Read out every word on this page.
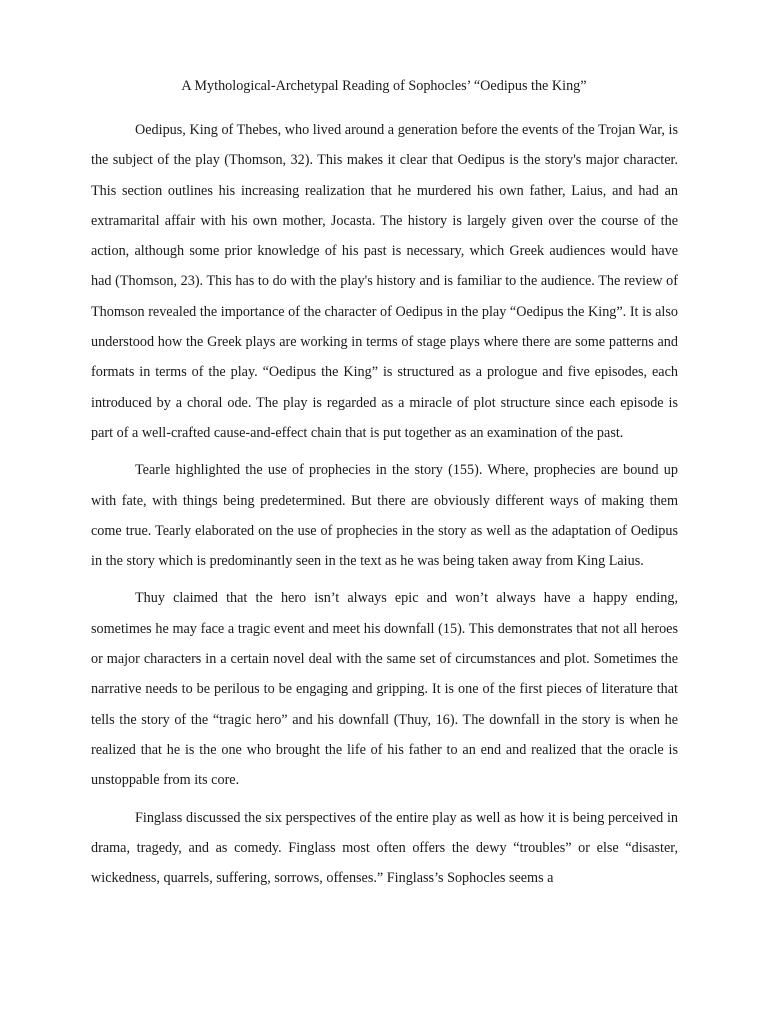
A Mythological-Archetypal Reading of Sophocles’ “Oedipus the King”

Oedipus, King of Thebes, who lived around a generation before the events of the Trojan War, is the subject of the play (Thomson, 32). This makes it clear that Oedipus is the story's major character. This section outlines his increasing realization that he murdered his own father, Laius, and had an extramarital affair with his own mother, Jocasta. The history is largely given over the course of the action, although some prior knowledge of his past is necessary, which Greek audiences would have had (Thomson, 23). This has to do with the play's history and is familiar to the audience. The review of Thomson revealed the importance of the character of Oedipus in the play “Oedipus the King”. It is also understood how the Greek plays are working in terms of stage plays where there are some patterns and formats in terms of the play. “Oedipus the King” is structured as a prologue and five episodes, each introduced by a choral ode. The play is regarded as a miracle of plot structure since each episode is part of a well-crafted cause-and-effect chain that is put together as an examination of the past.

Tearle highlighted the use of prophecies in the story (155). Where, prophecies are bound up with fate, with things being predetermined. But there are obviously different ways of making them come true. Tearly elaborated on the use of prophecies in the story as well as the adaptation of Oedipus in the story which is predominantly seen in the text as he was being taken away from King Laius.

Thuy claimed that the hero isn’t always epic and won’t always have a happy ending, sometimes he may face a tragic event and meet his downfall (15). This demonstrates that not all heroes or major characters in a certain novel deal with the same set of circumstances and plot. Sometimes the narrative needs to be perilous to be engaging and gripping. It is one of the first pieces of literature that tells the story of the “tragic hero” and his downfall (Thuy, 16). The downfall in the story is when he realized that he is the one who brought the life of his father to an end and realized that the oracle is unstoppable from its core.

Finglass discussed the six perspectives of the entire play as well as how it is being perceived in drama, tragedy, and as comedy. Finglass most often offers the dewy “troubles” or else “disaster, wickedness, quarrels, suffering, sorrows, offenses.” Finglass’s Sophocles seems a
